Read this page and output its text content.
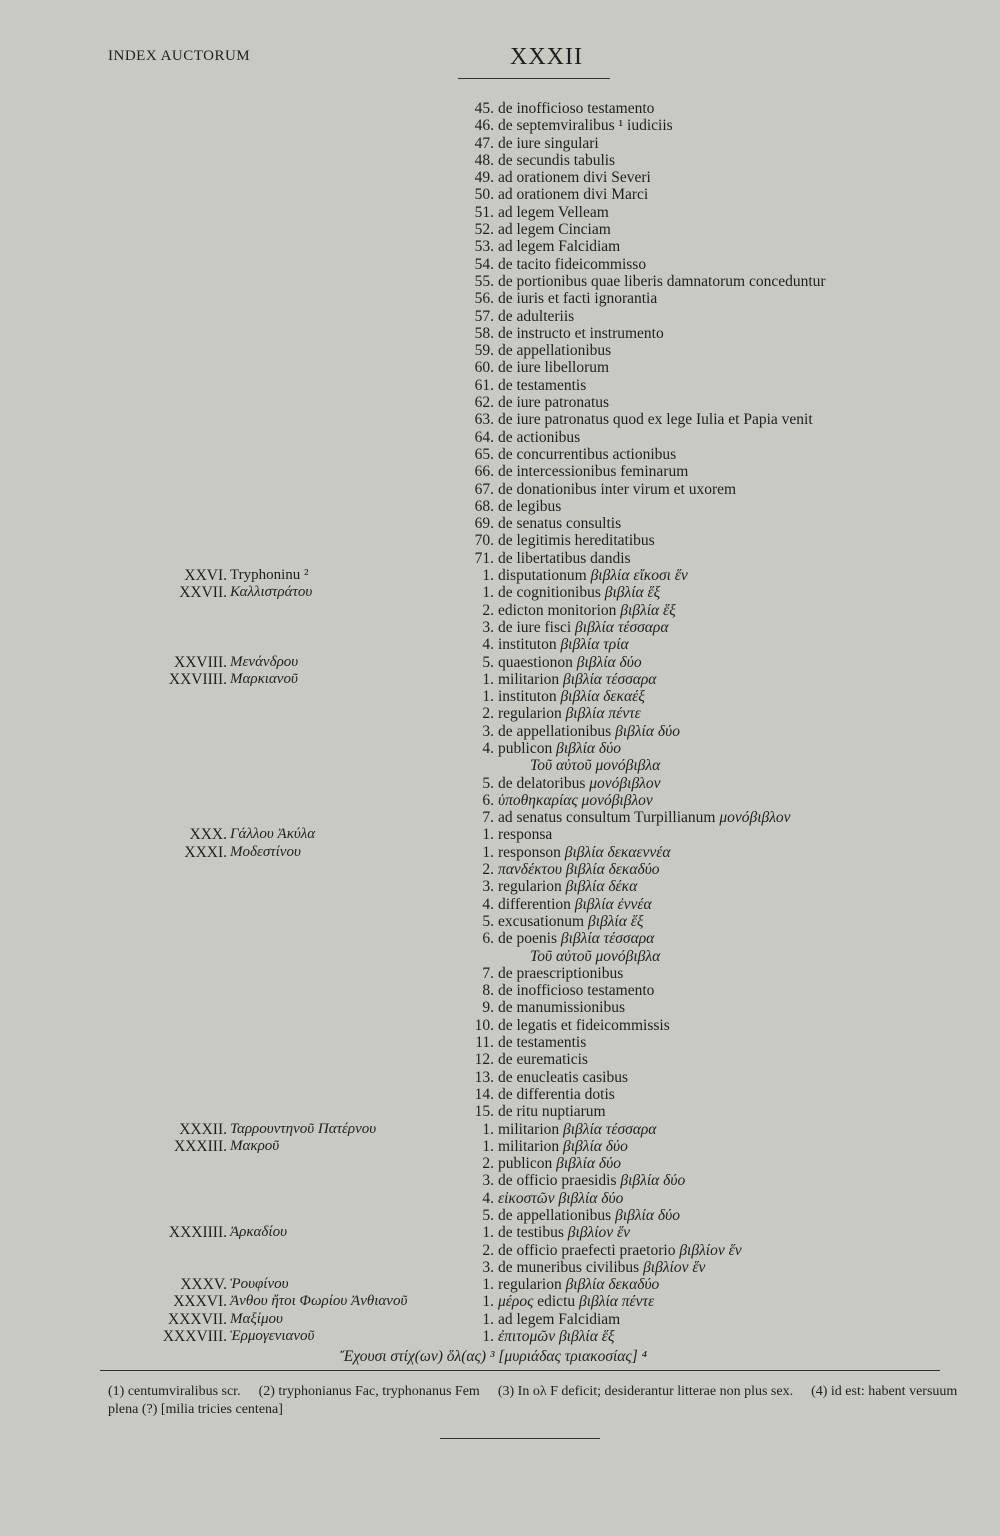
INDEX AUCTORUM	XXXII
45. de inofficioso testamento
46. de septemviralibus ¹ iudiciis
47. de iure singulari
48. de secundis tabulis
49. ad orationem divi Severi
50. ad orationem divi Marci
51. ad legem Velleam
52. ad legem Cinciam
53. ad legem Falcidiam
54. de tacito fideicommisso
55. de portionibus quae liberis damnatorum conceduntur
56. de iuris et facti ignorantia
57. de adulteriis
58. de instructo et instrumento
59. de appellationibus
60. de iure libellorum
61. de testamentis
62. de iure patronatus
63. de iure patronatus quod ex lege Iulia et Papia venit
64. de actionibus
65. de concurrentibus actionibus
66. de intercessionibus feminarum
67. de donationibus inter virum et uxorem
68. de legibus
69. de senatus consultis
70. de legitimis hereditatibus
71. de libertatibus dandis
XXVI. Tryphoninu ²	1. disputationum βιβλία εἴκοσι ἕν
XXVII. Καλλιστράτου	1. de cognitionibus βιβλία ἕξ
2. edicton monitorion βιβλία ἕξ
3. de iure fisci βιβλία τέσσαρα
4. instituton βιβλία τρία
XXVIII. Μενάνδρου	5. quaestionon βιβλία δύο
XXVIIII. Μαρκιανοῦ	1. militarion βιβλία τέσσαρα
1. instituton βιβλία δεκαέξ
2. regularion βιβλία πέντε
3. de appellationibus βιβλία δύο
4. publicon βιβλία δύο
Τοῦ αὐτοῦ μονόβιβλα
5. de delatoribus μονόβιβλον
6. ὑποθηκαρίας μονόβιβλον
7. ad senatus consultum Turpillianum μονόβιβλον
XXX. Γάλλου Ἀκύλα	1. responsa
XXXI. Μοδεστίνου	1. responson βιβλία δεκαεννέα
2. πανδέκτου βιβλία δεκαδύο
3. regularion βιβλία δέκα
4. differention βιβλία ἐννέα
5. excusationum βιβλία ἕξ
6. de poenis βιβλία τέσσαρα
Τοῦ αὐτοῦ μονόβιβλα
7. de praescriptionibus
8. de inofficioso testamento
9. de manumissionibus
10. de legatis et fideicommissis
11. de testamentis
12. de eurematicis
13. de enucleatis casibus
14. de differentia dotis
15. de ritu nuptiarum
XXXII. Ταρρουντηνοῦ Πατέρνου	1. militarion βιβλία τέσσαρα
XXXIII. Μακροῦ	1. militarion βιβλία δύο
2. publicon βιβλία δύο
3. de officio praesidis βιβλία δύο
4. εἰκοστῶν βιβλία δύο
5. de appellationibus βιβλία δύο
XXXIIII. Ἀρκαδίου	1. de testibus βιβλίον ἕν
2. de officio praefecti praetorio βιβλίον ἕν
3. de muneribus civilibus βιβλίον ἕν
XXXV. Ῥουφίνου	1. regularion βιβλία δεκαδύο
XXXVI. Ἀνθου ἤτοι Φωρίου Ἀνθιανοῦ	1. μέρος edictu βιβλία πέντε
XXXVII. Μαξίμου	1. ad legem Falcidiam
XXXVIII. Ἑρμογενιανοῦ	1. ἐπιτομῶν βιβλία ἕξ
Ἔχουσι στίχ(ων) ὅλ(ας) ³ [μυριάδας τριακοσίας] ⁴
(1) centumviralibus scr. (2) tryphonianus Fac, tryphonanus Fem (3) In ολ F deficit; desiderantur litterae non plus sex. (4) id est: habent versuum plena (?) [milia tricies centena]
